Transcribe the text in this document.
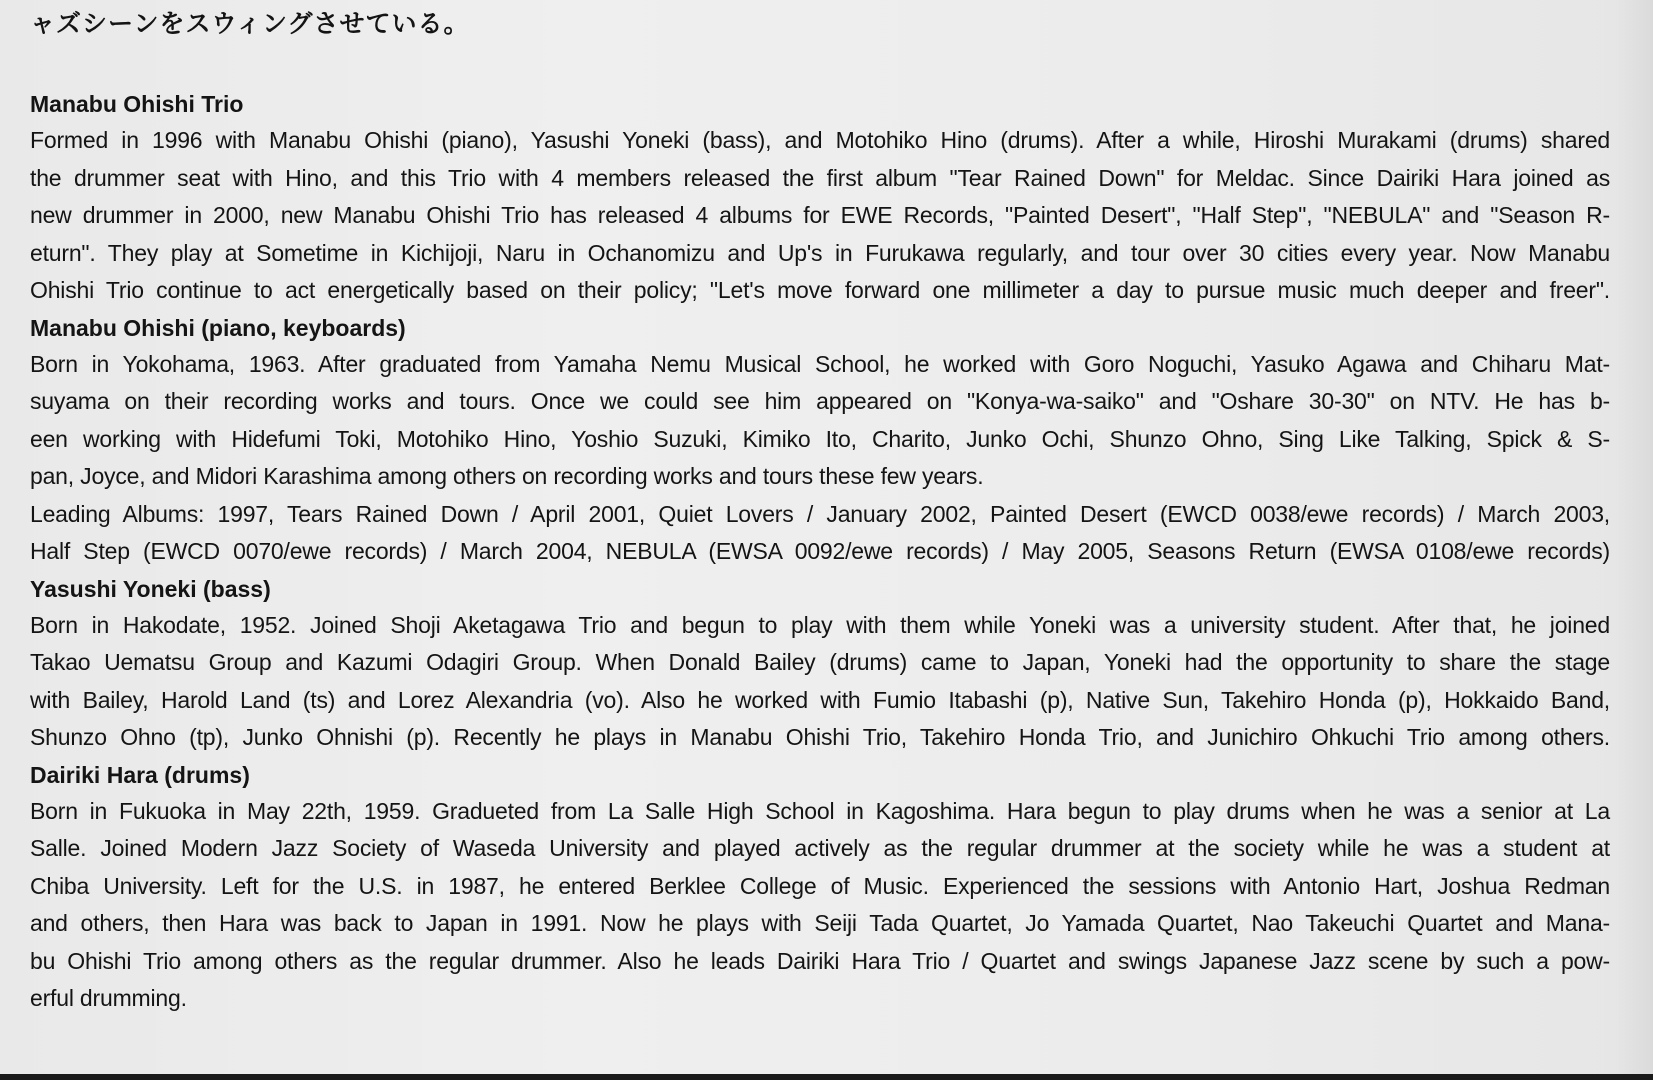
ャズシーンをスウィングさせている。
Manabu Ohishi Trio
Formed in 1996 with Manabu Ohishi (piano), Yasushi Yoneki (bass), and Motohiko Hino (drums). After a while, Hiroshi Murakami (drums) shared
the drummer seat with Hino, and this Trio with 4 members released the first album "Tear Rained Down" for Meldac. Since Dairiki Hara joined as
new drummer in 2000, new Manabu Ohishi Trio has released 4 albums for EWE Records, "Painted Desert", "Half Step", "NEBULA" and "Season R-
eturn". They play at Sometime in Kichijoji, Naru in Ochanomizu and Up's in Furukawa regularly, and tour over 30 cities every year. Now Manabu
Ohishi Trio continue to act energetically based on their policy; "Let's move forward one millimeter a day to pursue music much deeper and freer".
Manabu Ohishi (piano, keyboards)
Born in Yokohama, 1963. After graduated from Yamaha Nemu Musical School, he worked with Goro Noguchi, Yasuko Agawa and Chiharu Mat-
suyama on their recording works and tours. Once we could see him appeared on "Konya-wa-saiko" and "Oshare 30-30" on NTV. He has b-
een working with Hidefumi Toki, Motohiko Hino, Yoshio Suzuki, Kimiko Ito, Charito, Junko Ochi, Shunzo Ohno, Sing Like Talking, Spick & S-
pan, Joyce, and Midori Karashima among others on recording works and tours these few years.
Leading Albums: 1997, Tears Rained Down / April 2001, Quiet Lovers / January 2002, Painted Desert (EWCD 0038/ewe records) / March 2003,
Half Step (EWCD 0070/ewe records) / March 2004, NEBULA (EWSA 0092/ewe records) / May 2005, Seasons Return (EWSA 0108/ewe records)
Yasushi Yoneki (bass)
Born in Hakodate, 1952. Joined Shoji Aketagawa Trio and begun to play with them while Yoneki was a university student. After that, he joined
Takao Uematsu Group and Kazumi Odagiri Group. When Donald Bailey (drums) came to Japan, Yoneki had the opportunity to share the stage
with Bailey, Harold Land (ts) and Lorez Alexandria (vo). Also he worked with Fumio Itabashi (p), Native Sun, Takehiro Honda (p), Hokkaido Band,
Shunzo Ohno (tp), Junko Ohnishi (p). Recently he plays in Manabu Ohishi Trio, Takehiro Honda Trio, and Junichiro Ohkuchi Trio among others.
Dairiki Hara (drums)
Born in Fukuoka in May 22th, 1959. Gradueted from La Salle High School in Kagoshima. Hara begun to play drums when he was a senior at La
Salle. Joined Modern Jazz Society of Waseda University and played actively as the regular drummer at the society while he was a student at
Chiba University. Left for the U.S. in 1987, he entered Berklee College of Music. Experienced the sessions with Antonio Hart, Joshua Redman
and others, then Hara was back to Japan in 1991. Now he plays with Seiji Tada Quartet, Jo Yamada Quartet, Nao Takeuchi Quartet and Mana-
bu Ohishi Trio among others as the regular drummer. Also he leads Dairiki Hara Trio / Quartet and swings Japanese Jazz scene by such a pow-
erful drumming.
